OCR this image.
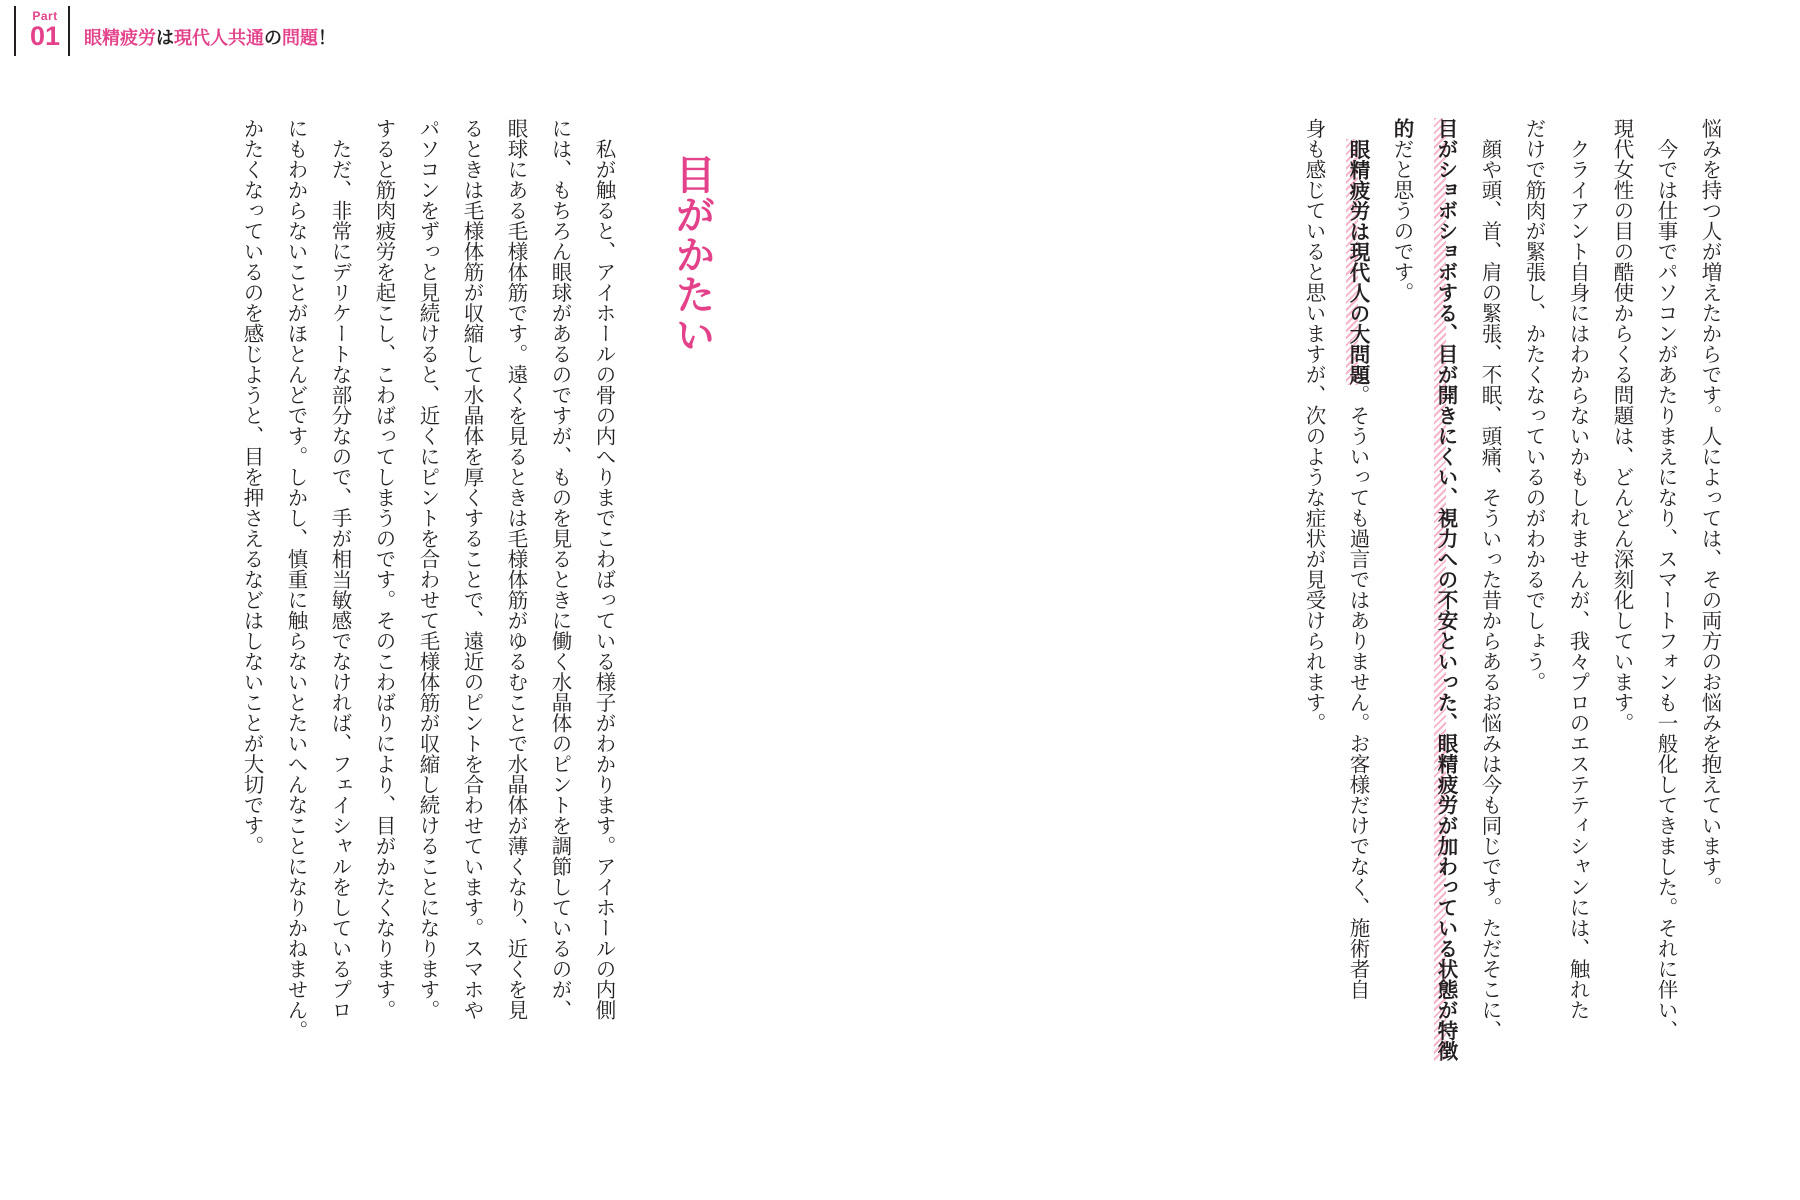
Part
01	眼精疲労は現代人共通の問題！

悩みを持つ人が増えたからです。人によっては、その両方のお悩みを抱えています。

　今では仕事でパソコンがあたりまえになり、スマートフォンも一般化してきました。それに伴い、

現代女性の目の酷使からくる問題は、どんどん深刻化しています。

　クライアント自身にはわからないかもしれませんが、我々プロのエステティシャンには、触れた

だけで筋肉が緊張し、かたくなっているのがわかるでしょう。

　顔や頭、首、肩の緊張、不眠、頭痛、そういった昔からあるお悩みは今も同じです。ただそこに、

目がショボショボする、目が開きにくい、視力への不安といった、眼精疲労が加わっている状態が特徴

的だと思うのです。

　眼精疲労は現代人の大問題。そういっても過言ではありません。お客様だけでなく、施術者自

身も感じていると思いますが、次のような症状が見受けられます。

目がかたい

　私が触ると、アイホールの骨の内へりまでこわばっている様子がわかります。アイホールの内側

には、もちろん眼球があるのですが、ものを見るときに働く水晶体のピントを調節しているのが、

眼球にある毛様体筋です。遠くを見るときは毛様体筋がゆるむことで水晶体が薄くなり、近くを見

るときは毛様体筋が収縮して水晶体を厚くすることで、遠近のピントを合わせています。スマホや

パソコンをずっと見続けると、近くにピントを合わせて毛様体筋が収縮し続けることになります。

すると筋肉疲労を起こし、こわばってしまうのです。そのこわばりにより、目がかたくなります。

　ただ、非常にデリケートな部分なので、手が相当敏感でなければ、フェイシャルをしているプロ

にもわからないことがほとんどです。しかし、慎重に触らないとたいへんなことになりかねません。

かたくなっているのを感じようと、目を押さえるなどはしないことが大切です。
